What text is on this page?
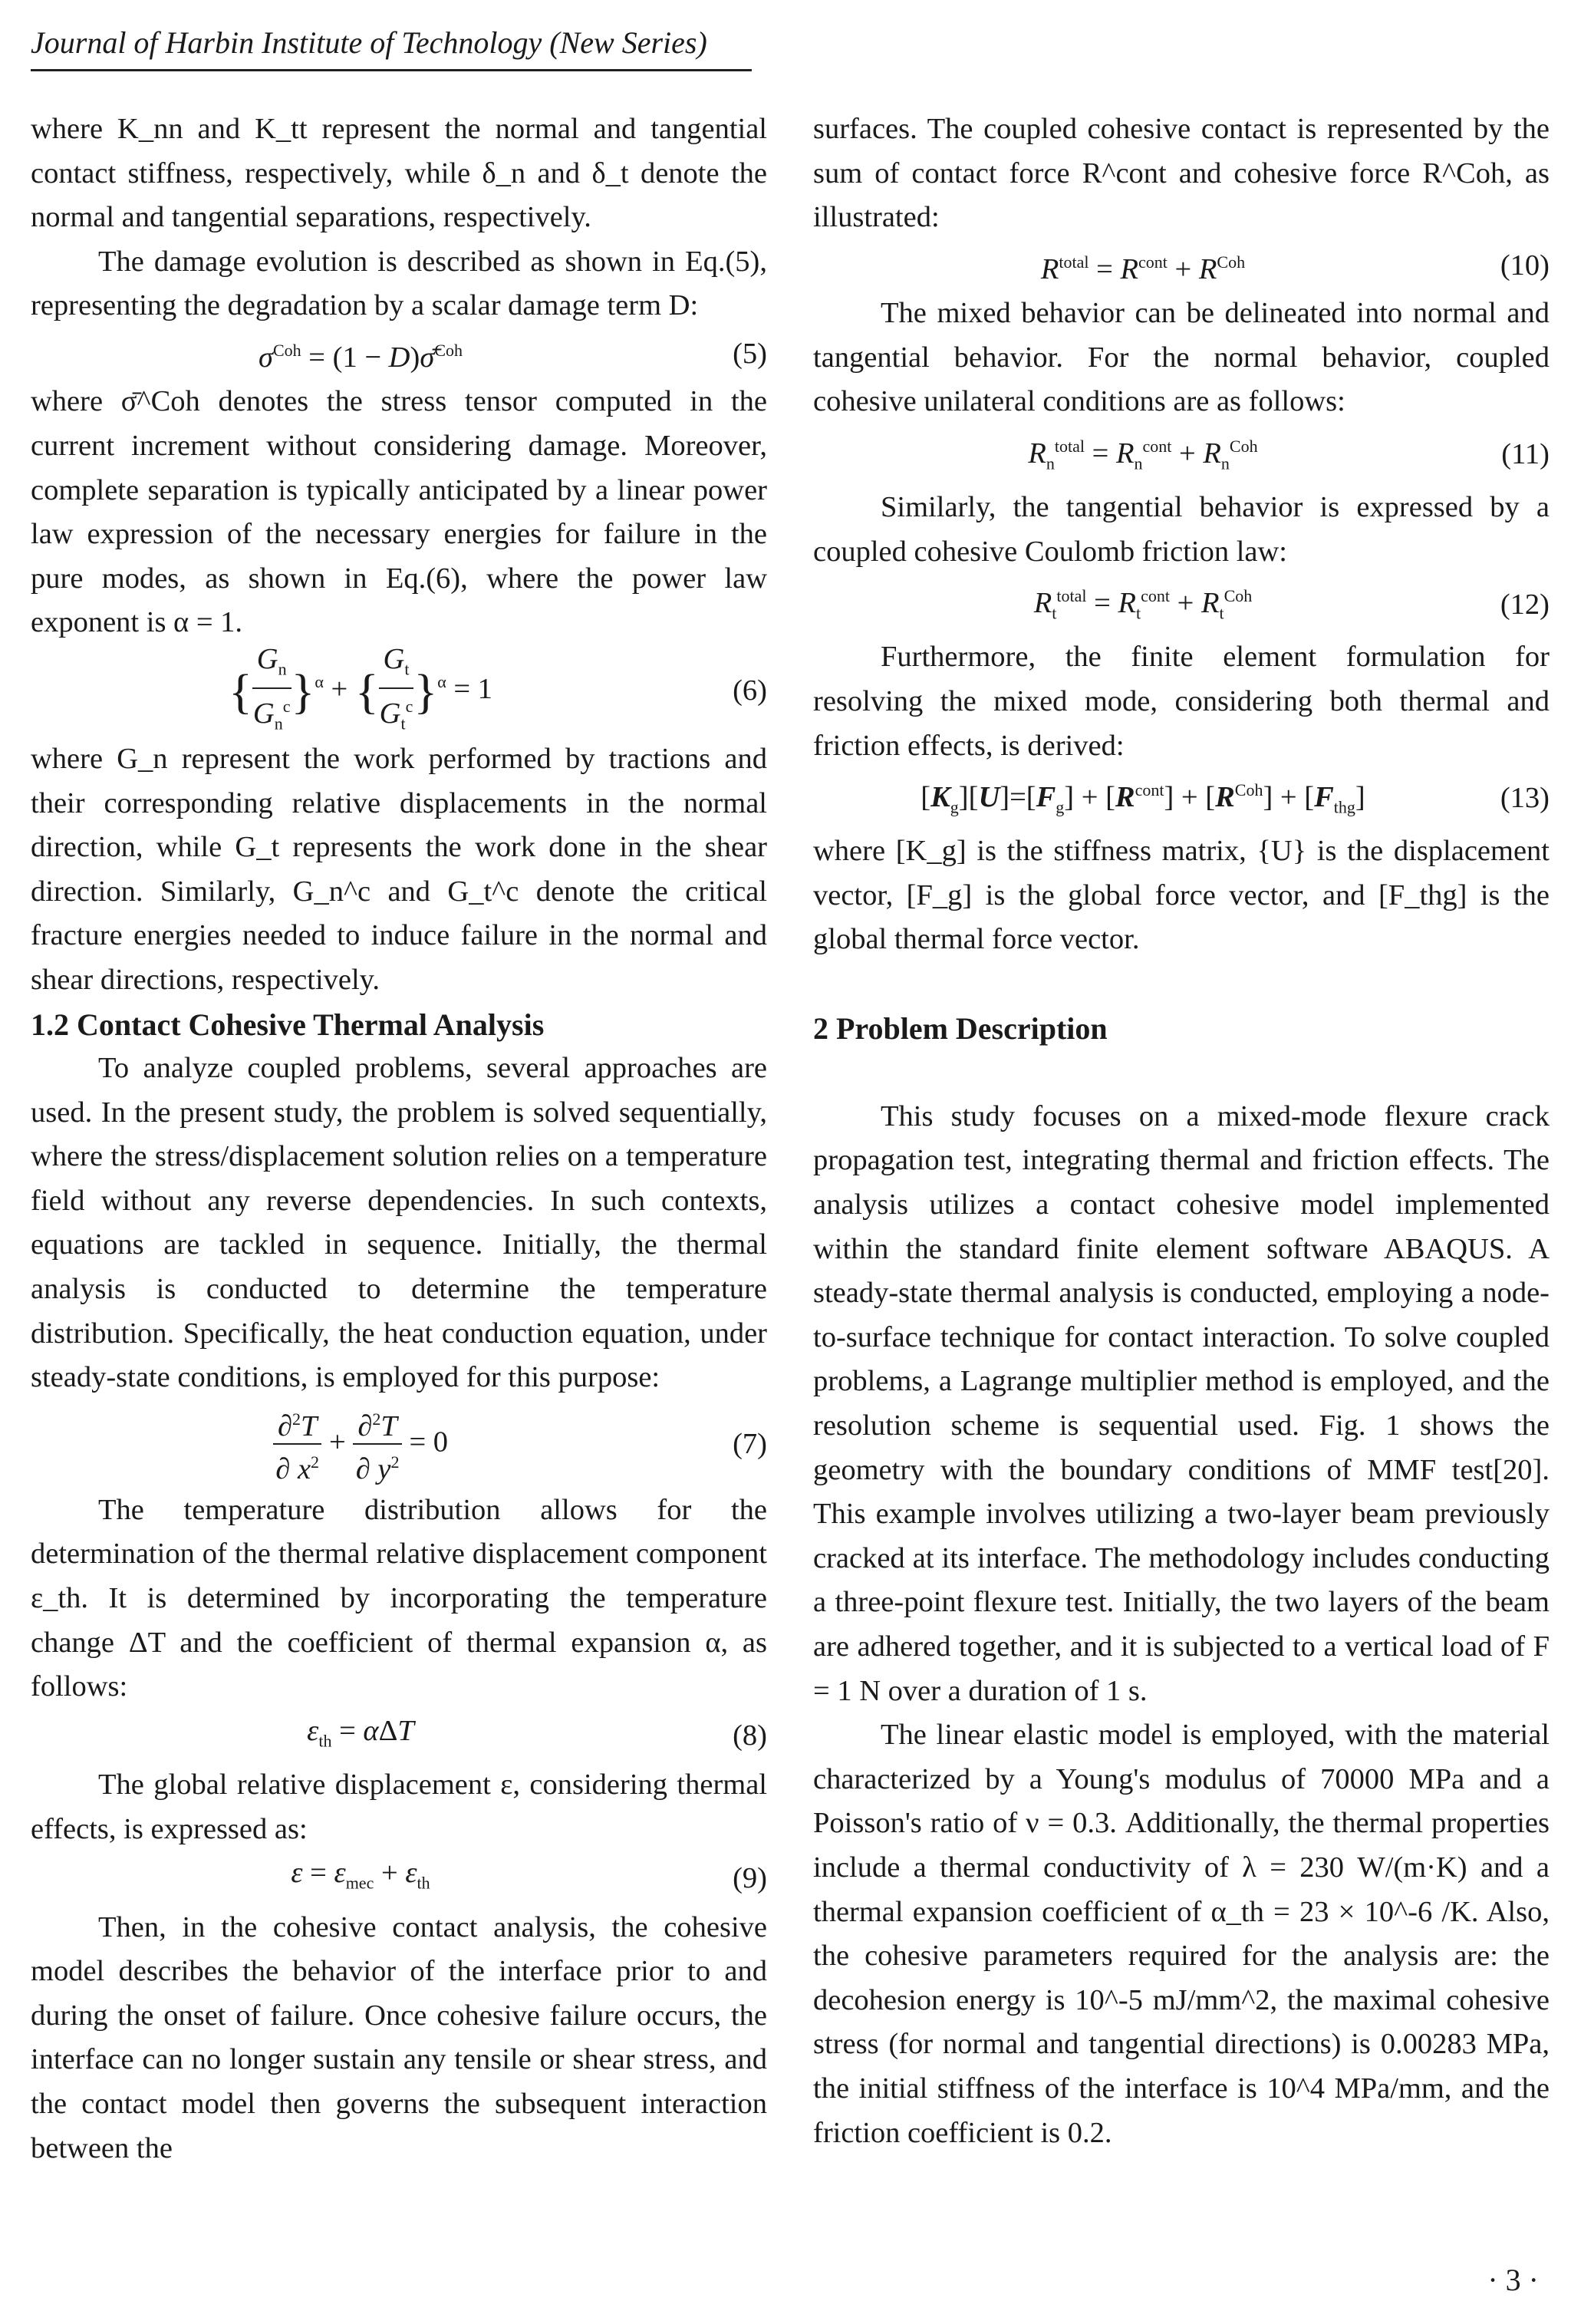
Journal of Harbin Institute of Technology (New Series)

where K_nn and K_tt represent the normal and tangential contact stiffness, respectively, while δ_n and δ_t denote the normal and tangential separations, respectively.

The damage evolution is described as shown in Eq.(5), representing the degradation by a scalar damage term D:

$\sigma^{Coh} = (1$ − D)σ̄$^{Coh}$	(5)

where σ̄^Coh denotes the stress tensor computed in the current increment without considering damage. Moreover, complete separation is typically anticipated by a linear power law expression of the necessary energies for failure in the pure modes, as shown in Eq.(6), where the power law exponent is α = 1.

{ $\frac{G_n}{G_n^c} \}^\alpha$ + { $\frac{G_t}{G_t^c} \}^\alpha = 1$	(6)

where G_n represent the work performed by tractions and their corresponding relative displacements in the normal direction, while G_t represents the work done in the shear direction. Similarly, G_n^c and G_t^c denote the critical fracture energies needed to induce failure in the normal and shear directions, respectively.

1.2 Contact Cohesive Thermal Analysis

To analyze coupled problems, several approaches are used. In the present study, the problem is solved sequentially, where the stress/displacement solution relies on a temperature field without any reverse dependencies. In such contexts, equations are tackled in sequence. Initially, the thermal analysis is conducted to determine the temperature distribution. Specifically, the heat conduction equation, under steady-state conditions, is employed for this purpose:

$\frac{\partial^2T}{\partial x^2} + \frac{\partial^2T}{\partial y^2} = 0$	(7)

The temperature distribution allows for the determination of the thermal relative displacement component ε_th. It is determined by incorporating the temperature change ΔT and the coefficient of thermal expansion α, as follows:

$\varepsilon_{th} = \alpha\Delta T$	(8)

The global relative displacement ε, considering thermal effects, is expressed as:

$\varepsilon = \varepsilon_{mec} + \varepsilon_{th}$	(9)

Then, in the cohesive contact analysis, the cohesive model describes the behavior of the interface prior to and during the onset of failure. Once cohesive failure occurs, the interface can no longer sustain any tensile or shear stress, and the contact model then governs the subsequent interaction between the

surfaces. The coupled cohesive contact is represented by the sum of contact force R^cont and cohesive force R^Coh, as illustrated:

$R^{total} = R^{cont} + R^{Coh}$	(10)

The mixed behavior can be delineated into normal and tangential behavior. For the normal behavior, coupled cohesive unilateral conditions are as follows:

$R_n^{total} = R_n^{cont} + R_n^{Coh}$	(11)

Similarly, the tangential behavior is expressed by a coupled cohesive Coulomb friction law:

$R_t^{total} = R_t^{cont} + R_t^{Coh}$	(12)

Furthermore, the finite element formulation for resolving the mixed mode, considering both thermal and friction effects, is derived:

$[K_g][U]=[F_g] + [R^{cont}] + [R^{Coh}] + [F_{thg}]$	(13)

where [K_g] is the stiffness matrix, {U} is the displacement vector, [F_g] is the global force vector, and [F_thg] is the global thermal force vector.

2 Problem Description

This study focuses on a mixed-mode flexure crack propagation test, integrating thermal and friction effects. The analysis utilizes a contact cohesive model implemented within the standard finite element software ABAQUS. A steady-state thermal analysis is conducted, employing a node-to-surface technique for contact interaction. To solve coupled problems, a Lagrange multiplier method is employed, and the resolution scheme is sequential used. Fig. 1 shows the geometry with the boundary conditions of MMF test[20]. This example involves utilizing a two-layer beam previously cracked at its interface. The methodology includes conducting a three-point flexure test. Initially, the two layers of the beam are adhered together, and it is subjected to a vertical load of F = 1 N over a duration of 1 s.

The linear elastic model is employed, with the material characterized by a Young's modulus of 70000 MPa and a Poisson's ratio of ν = 0.3. Additionally, the thermal properties include a thermal conductivity of λ = 230 W/(m·K) and a thermal expansion coefficient of α_th = 23 × 10^-6 /K. Also, the cohesive parameters required for the analysis are: the decohesion energy is 10^-5 mJ/mm^2, the maximal cohesive stress (for normal and tangential directions) is 0.00283 MPa, the initial stiffness of the interface is 10^4 MPa/mm, and the friction coefficient is 0.2.

· 3 ·
